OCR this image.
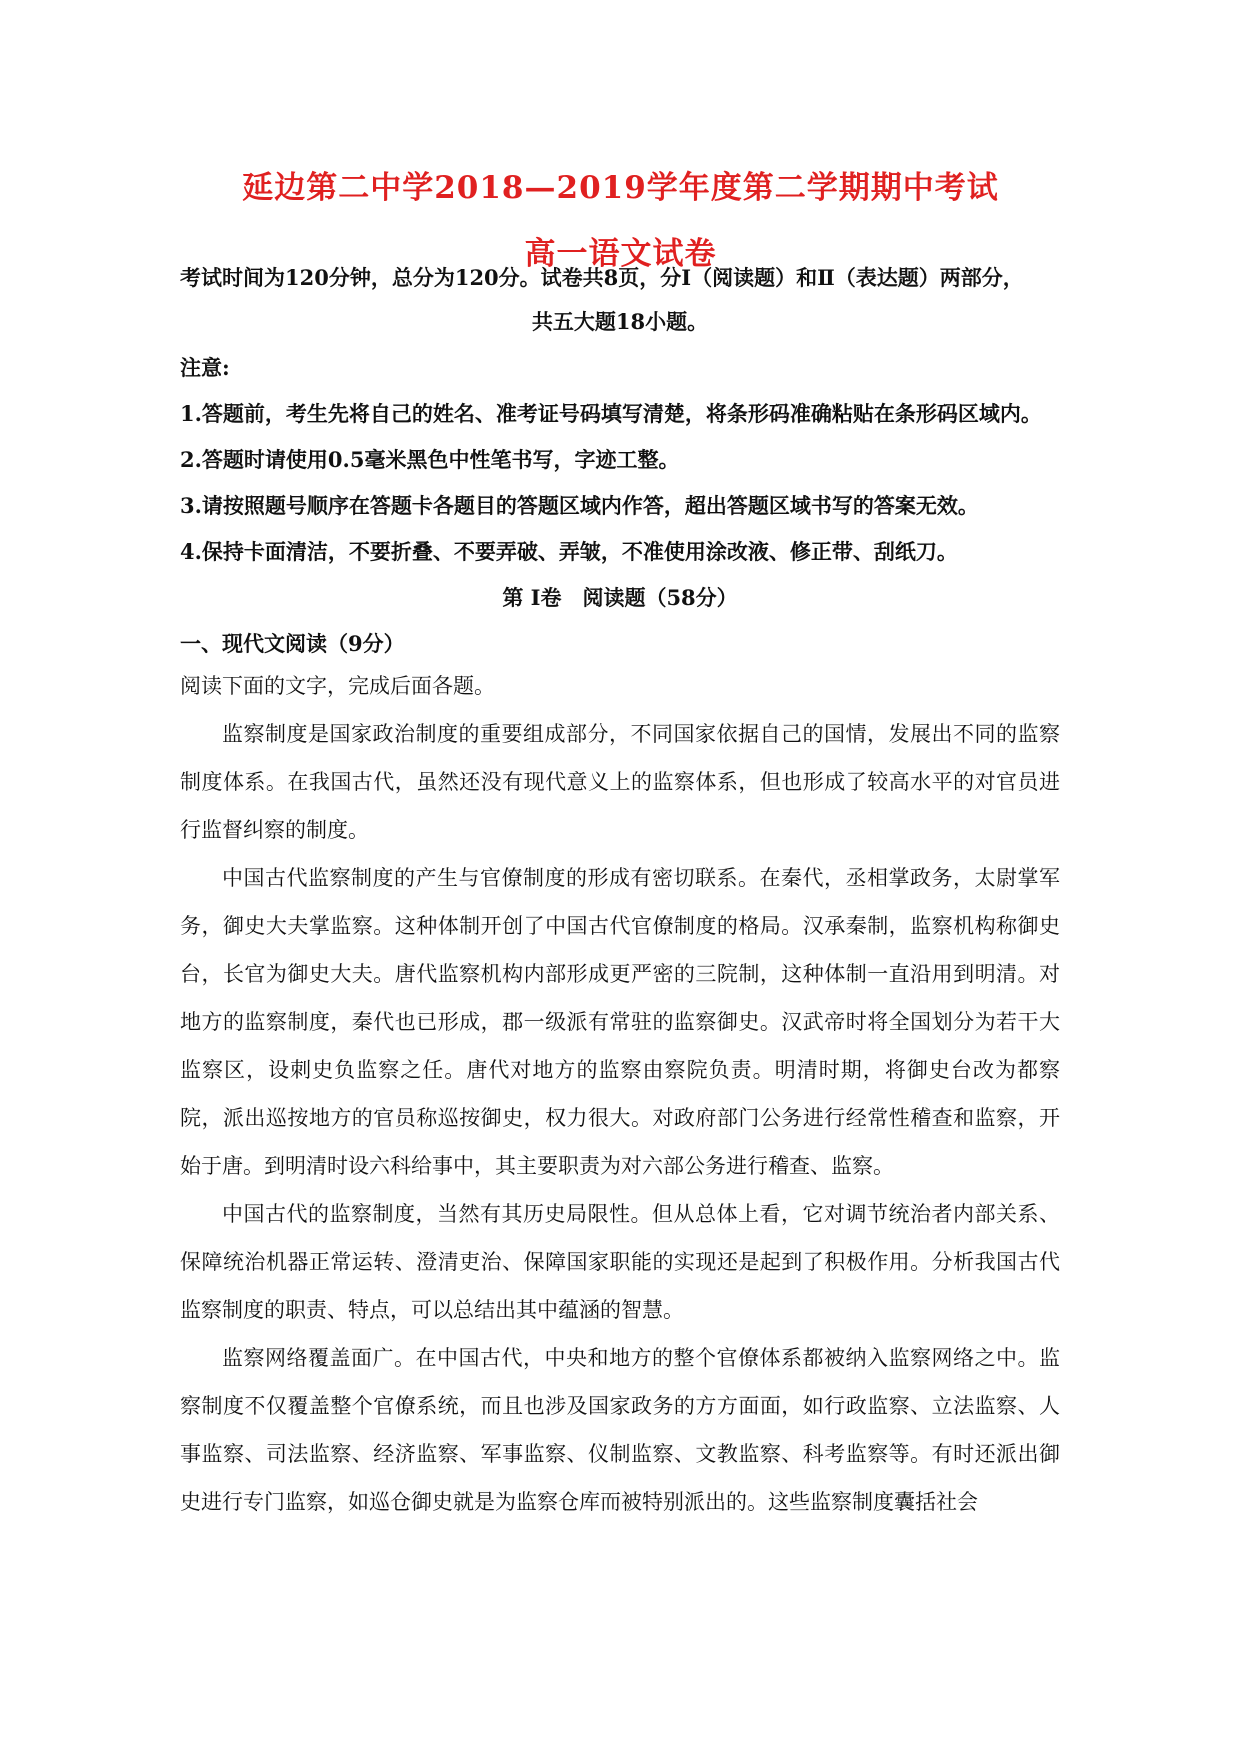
延边第二中学2018—2019学年度第二学期期中考试
高一语文试卷
考试时间为120分钟，总分为120分。试卷共8页，分Ⅰ（阅读题）和Ⅱ（表达题）两部分，
共五大题18小题。
注意:
1.答题前，考生先将自己的姓名、准考证号码填写清楚，将条形码准确粘贴在条形码区域内。
2.答题时请使用0.5毫米黑色中性笔书写，字迹工整。
3.请按照题号顺序在答题卡各题目的答题区域内作答，超出答题区域书写的答案无效。
4.保持卡面清洁，不要折叠、不要弄破、弄皱，不准使用涂改液、修正带、刮纸刀。
第 Ⅰ卷　阅读题（58分）
一、现代文阅读（9分）

阅读下面的文字，完成后面各题。

监察制度是国家政治制度的重要组成部分，不同国家依据自己的国情，发展出不同的监察制度体系。在我国古代，虽然还没有现代意义上的监察体系，但也形成了较高水平的对官员进行监督纠察的制度。

中国古代监察制度的产生与官僚制度的形成有密切联系。在秦代，丞相掌政务，太尉掌军务，御史大夫掌监察。这种体制开创了中国古代官僚制度的格局。汉承秦制，监察机构称御史台，长官为御史大夫。唐代监察机构内部形成更严密的三院制，这种体制一直沿用到明清。对地方的监察制度，秦代也已形成，郡一级派有常驻的监察御史。汉武帝时将全国划分为若干大监察区，设刺史负监察之任。唐代对地方的监察由察院负责。明清时期，将御史台改为都察院，派出巡按地方的官员称巡按御史，权力很大。对政府部门公务进行经常性稽查和监察，开始于唐。到明清时设六科给事中，其主要职责为对六部公务进行稽查、监察。

中国古代的监察制度，当然有其历史局限性。但从总体上看，它对调节统治者内部关系、保障统治机器正常运转、澄清吏治、保障国家职能的实现还是起到了积极作用。分析我国古代监察制度的职责、特点，可以总结出其中蕴涵的智慧。

监察网络覆盖面广。在中国古代，中央和地方的整个官僚体系都被纳入监察网络之中。监察制度不仅覆盖整个官僚系统，而且也涉及国家政务的方方面面，如行政监察、立法监察、人事监察、司法监察、经济监察、军事监察、仪制监察、文教监察、科考监察等。有时还派出御史进行专门监察，如巡仓御史就是为监察仓库而被特别派出的。这些监察制度囊括社会
